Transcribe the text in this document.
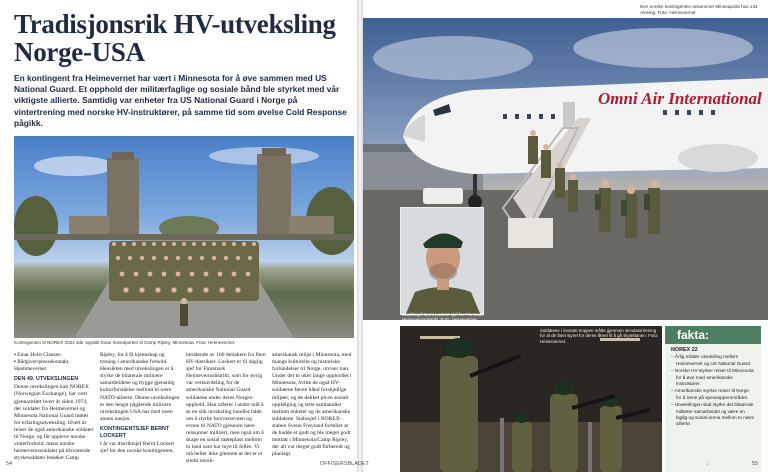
Tradisjonsrik HV-utveksling Norge-USA

En kontingent fra Heimevernet har vært i Minnesota for å øve sammen med US National Guard. Et opphold der militærfaglige og sosiale bånd ble styrket med vår viktigste allierte. Samtidig var enheter fra US National Guard i Norge på vintertrening med norske HV-instruktører, på samme tid som øvelse Cold Response pågikk.

Kontingenten til NOREX 2022 står oppstilt foran hovedporten til Camp Ripley, Minnesota. Foto: Heimevernet.
▪ Einar Holst Clausen
▪ Rådgiver/pressekontakt, Hjemmevernet
DEN 49. UTVEKSLINGEN

Denne utvekslingen kalt NOREX (Norwegian Exchange), har vært gjennomført hvert år siden 1974, der soldater fra Heimevernet og Minnesota National Guard møtes for erfaringsutveksling. Hvert år reiser de også amerikanske soldater til Norge, og får oppleve norske vinterforhold, mens norske heimevernssoldater på tilsvarende styrkesoldater besøker Camp

Ripley, for å få kjennskap og trening i amerikanske forhold. Hensikten med utvekslingen er å styrke de bilaterale militære samarbeidene og bygge gjensidig kulturforståelse mellom to nære NATO-allierte. Denne utvekslingen er den lengst pågående militære utvekslingen USA har med noen annen nasjon.

KONTINGENTSJEF BERNT LOCKERT

I år var distriktsjef Bernt Lockert sjef for den norske kontingenten,

bestående av 100 deltakere fra flere HV-distrikter. Lockert er til daglig sjef for Finnmark Heimevernsdistrikt, som for øvrig var vertsavdeling for de amerikanske National Guard soldatene under deres Norges-opphold. Han utfører i andre mål å se en slik utveksling handler både om å styrke forsvarsevnen og evnen til NATO gjennom nære relasjoner militært, men også om å skape en sosial møteplass mellom to land som har mye til felles. Vi må heller ikke glemme at det er et sterkt norsk-

amerikansk miljø i Minnesota, med mange kulturelle og historiske forbindelser til Norge, utviser han. Under det to uker lange oppholdet i Minnesota, hvitte de også HV-soldatene første hånd forskjellige miljøer, og de dekket på en sosialt oppfølging og tette samhandler mellom enheter og de amerikanske soldatene. Stabssjef i NOREX-staben Svenn Frøyland forteller at de hadde et godt og ble meget godt mottatt i Minnesota/Camp Ripley, der alt var meget godt forberedt og planlagt.

54
Den norske kontingenten ankommer Minneapolis hos 133 Airwing. Foto: Heimevernet.
Omni Air International
Distriktsjef Bernt Lockert sjef for Finnmark Heimevernsdistrikt. Foto: Heimevernet.
Soldatene i innsats-troppen måtte gjennom simulatortrening for at de fatet styret for deres liknet til å gå skytebanen. Foto: Heimevernet.	fakta:
NOREX 22
– Årlig militær utveksling mellom Heimevernet og US National Guard.
– Norske HV-styrker reiser til Minnesota for å øve med amerikanske instruktører.
– Amerikanske styrker reiser til Norge for å trene på spesaopperområdet.
– Utvekslingen skal styrke det bilaterale militære samarbeidet og være en faglig og sosial arena mellom to nære allierte.
OFFISERSBLADET	↓	55
